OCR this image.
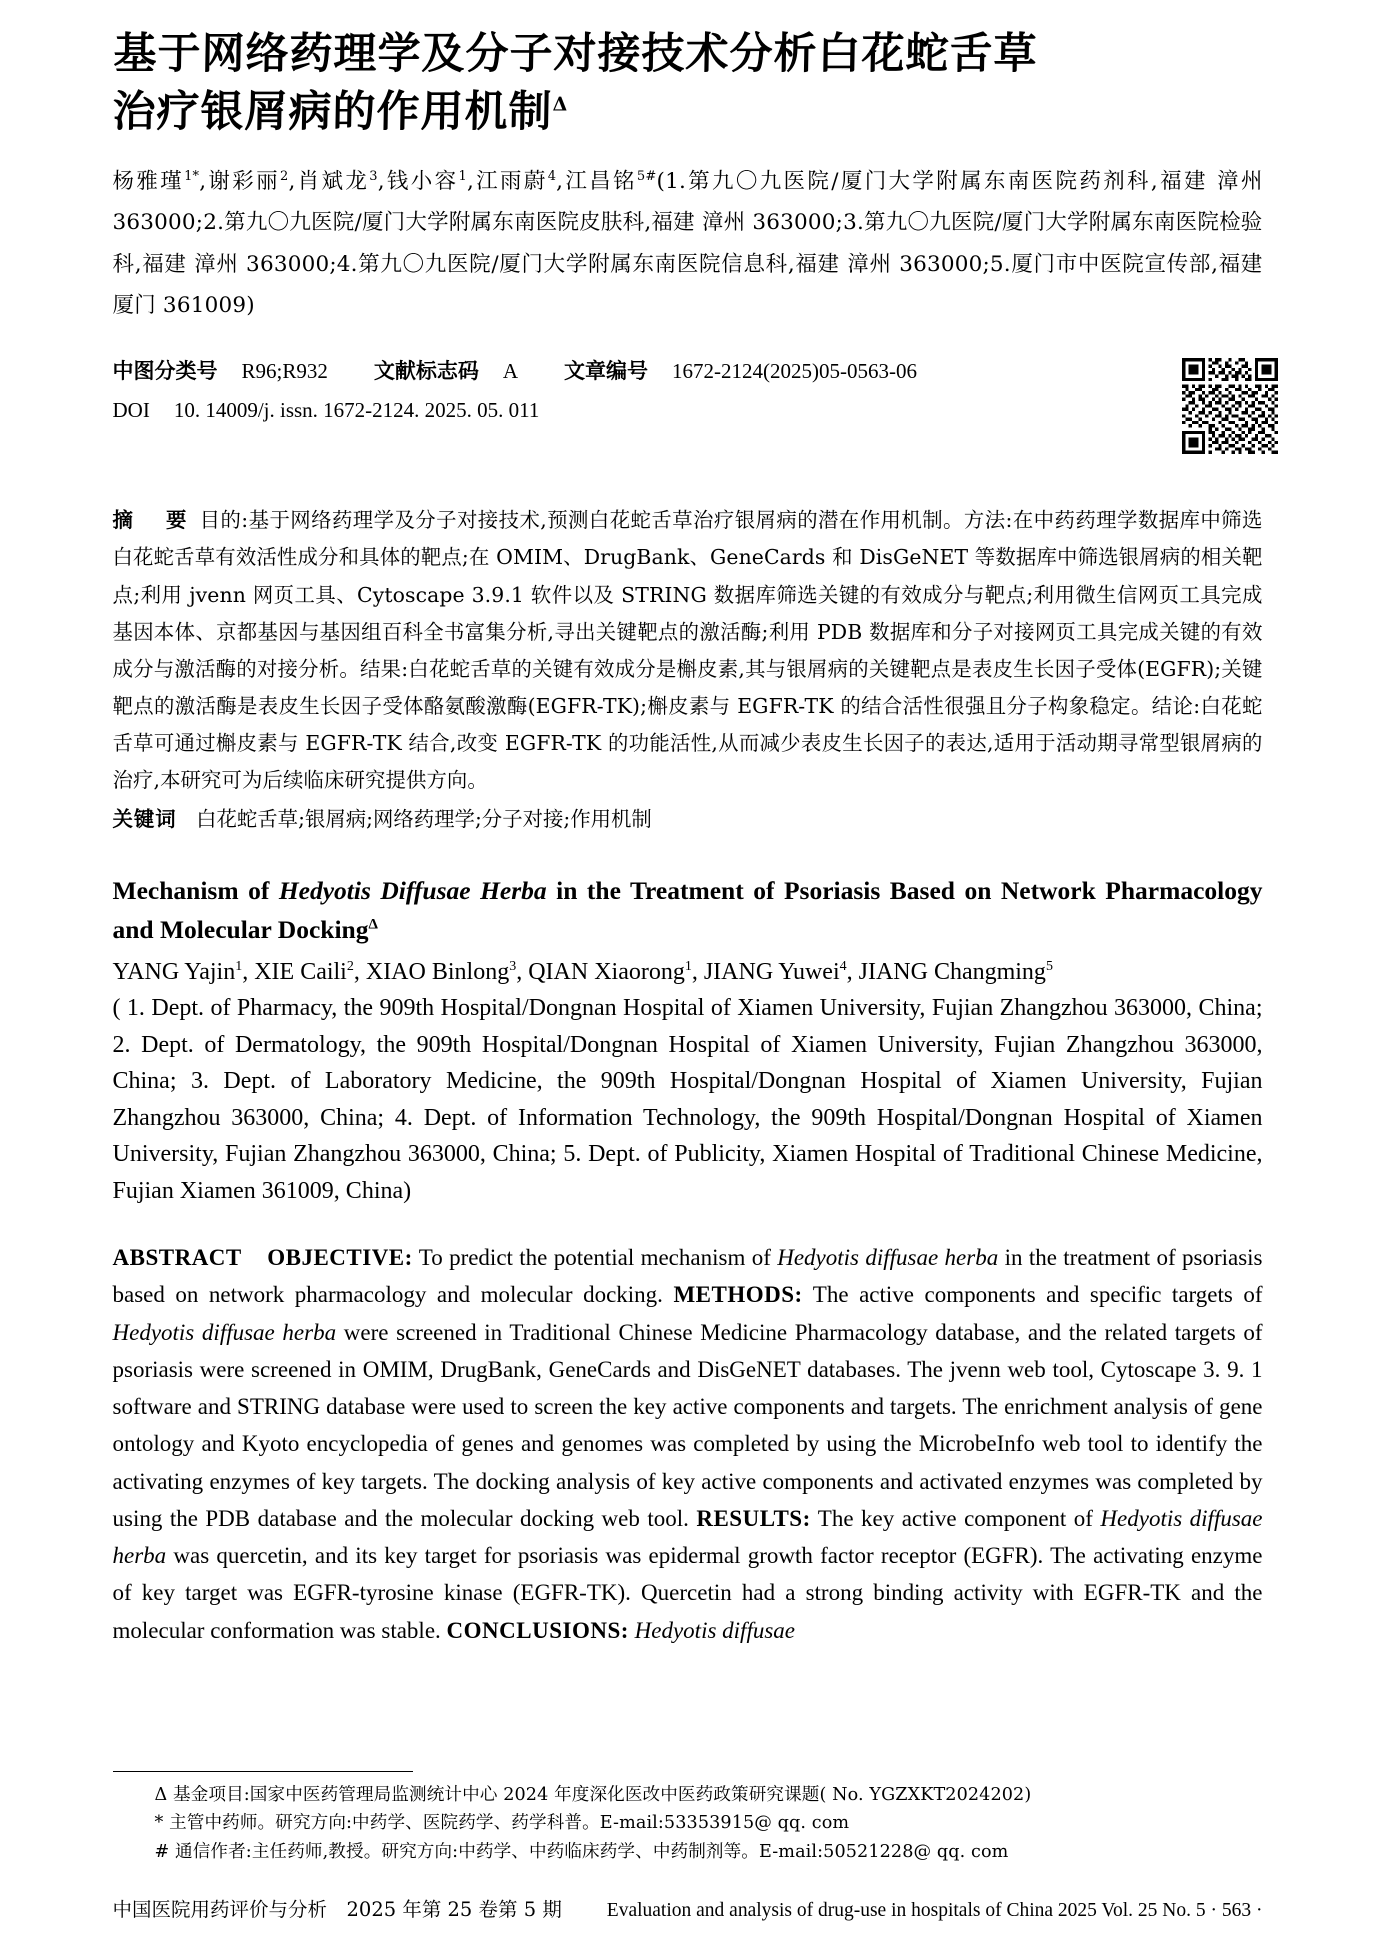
基于网络药理学及分子对接技术分析白花蛇舌草
治疗银屑病的作用机制$^\Delta$
杨雅瑾$^{1*}$,谢彩丽$^2$,肖斌龙$^3$,钱小容$^1$,江雨蔚$^4$,江昌铭$^{5\#}$(1.第九〇九医院/厦门大学附属东南医院药剂科,福建 漳州 363000;2.第九〇九医院/厦门大学附属东南医院皮肤科,福建 漳州 363000;3.第九〇九医院/厦门大学附属东南医院检验科,福建 漳州 363000;4.第九〇九医院/厦门大学附属东南医院信息科,福建 漳州 363000;5.厦门市中医院宣传部,福建 厦门 361009)
中图分类号 R96;R932 文献标志码 A 文章编号 1672-2124(2025)05-0563-06
DOI 10. 14009/j. issn. 1672-2124. 2025. 05. 011
摘　要 目的:基于网络药理学及分子对接技术,预测白花蛇舌草治疗银屑病的潜在作用机制。方法:在中药药理学数据库中筛选白花蛇舌草有效活性成分和具体的靶点;在 OMIM、DrugBank、GeneCards 和 DisGeNET 等数据库中筛选银屑病的相关靶点;利用 jvenn 网页工具、Cytoscape 3.9.1 软件以及 STRING 数据库筛选关键的有效成分与靶点;利用微生信网页工具完成基因本体、京都基因与基因组百科全书富集分析,寻出关键靶点的激活酶;利用 PDB 数据库和分子对接网页工具完成关键的有效成分与激活酶的对接分析。结果:白花蛇舌草的关键有效成分是槲皮素,其与银屑病的关键靶点是表皮生长因子受体(EGFR);关键靶点的激活酶是表皮生长因子受体酪氨酸激酶(EGFR-TK);槲皮素与 EGFR-TK 的结合活性很强且分子构象稳定。结论:白花蛇舌草可通过槲皮素与 EGFR-TK 结合,改变 EGFR-TK 的功能活性,从而减少表皮生长因子的表达,适用于活动期寻常型银屑病的治疗,本研究可为后续临床研究提供方向。
关键词 白花蛇舌草;银屑病;网络药理学;分子对接;作用机制
Mechanism of Hedyotis Diffusae Herba in the Treatment of Psoriasis Based on Network Pharmacology and Molecular Docking$^\Delta$
YANG Yajin$^1$, XIE Caili$^2$, XIAO Binlong$^3$, QIAN Xiaorong$^1$, JIANG Yuwei$^4$, JIANG Changming$^5$
( 1. Dept. of Pharmacy, the 909th Hospital/Dongnan Hospital of Xiamen University, Fujian Zhangzhou 363000, China; 2. Dept. of Dermatology, the 909th Hospital/Dongnan Hospital of Xiamen University, Fujian Zhangzhou 363000, China; 3. Dept. of Laboratory Medicine, the 909th Hospital/Dongnan Hospital of Xiamen University, Fujian Zhangzhou 363000, China; 4. Dept. of Information Technology, the 909th Hospital/Dongnan Hospital of Xiamen University, Fujian Zhangzhou 363000, China; 5. Dept. of Publicity, Xiamen Hospital of Traditional Chinese Medicine, Fujian Xiamen 361009, China)
ABSTRACT OBJECTIVE: To predict the potential mechanism of Hedyotis diffusae herba in the treatment of psoriasis based on network pharmacology and molecular docking. METHODS: The active components and specific targets of Hedyotis diffusae herba were screened in Traditional Chinese Medicine Pharmacology database, and the related targets of psoriasis were screened in OMIM, DrugBank, GeneCards and DisGeNET databases. The jvenn web tool, Cytoscape 3. 9. 1 software and STRING database were used to screen the key active components and targets. The enrichment analysis of gene ontology and Kyoto encyclopedia of genes and genomes was completed by using the MicrobeInfo web tool to identify the activating enzymes of key targets. The docking analysis of key active components and activated enzymes was completed by using the PDB database and the molecular docking web tool. RESULTS: The key active component of Hedyotis diffusae herba was quercetin, and its key target for psoriasis was epidermal growth factor receptor (EGFR). The activating enzyme of key target was EGFR-tyrosine kinase (EGFR-TK). Quercetin had a strong binding activity with EGFR-TK and the molecular conformation was stable. CONCLUSIONS: Hedyotis diffusae
Δ 基金项目:国家中医药管理局监测统计中心 2024 年度深化医改中医药政策研究课题( No. YGZXKT2024202)
* 主管中药师。研究方向:中药学、医院药学、药学科普。E-mail:53353915@ qq. com
# 通信作者:主任药师,教授。研究方向:中药学、中药临床药学、中药制剂等。E-mail:50521228@ qq. com
中国医院用药评价与分析　2025 年第 25 卷第 5 期 Evaluation and analysis of drug-use in hospitals of China 2025 Vol. 25 No. 5 · 563 ·
